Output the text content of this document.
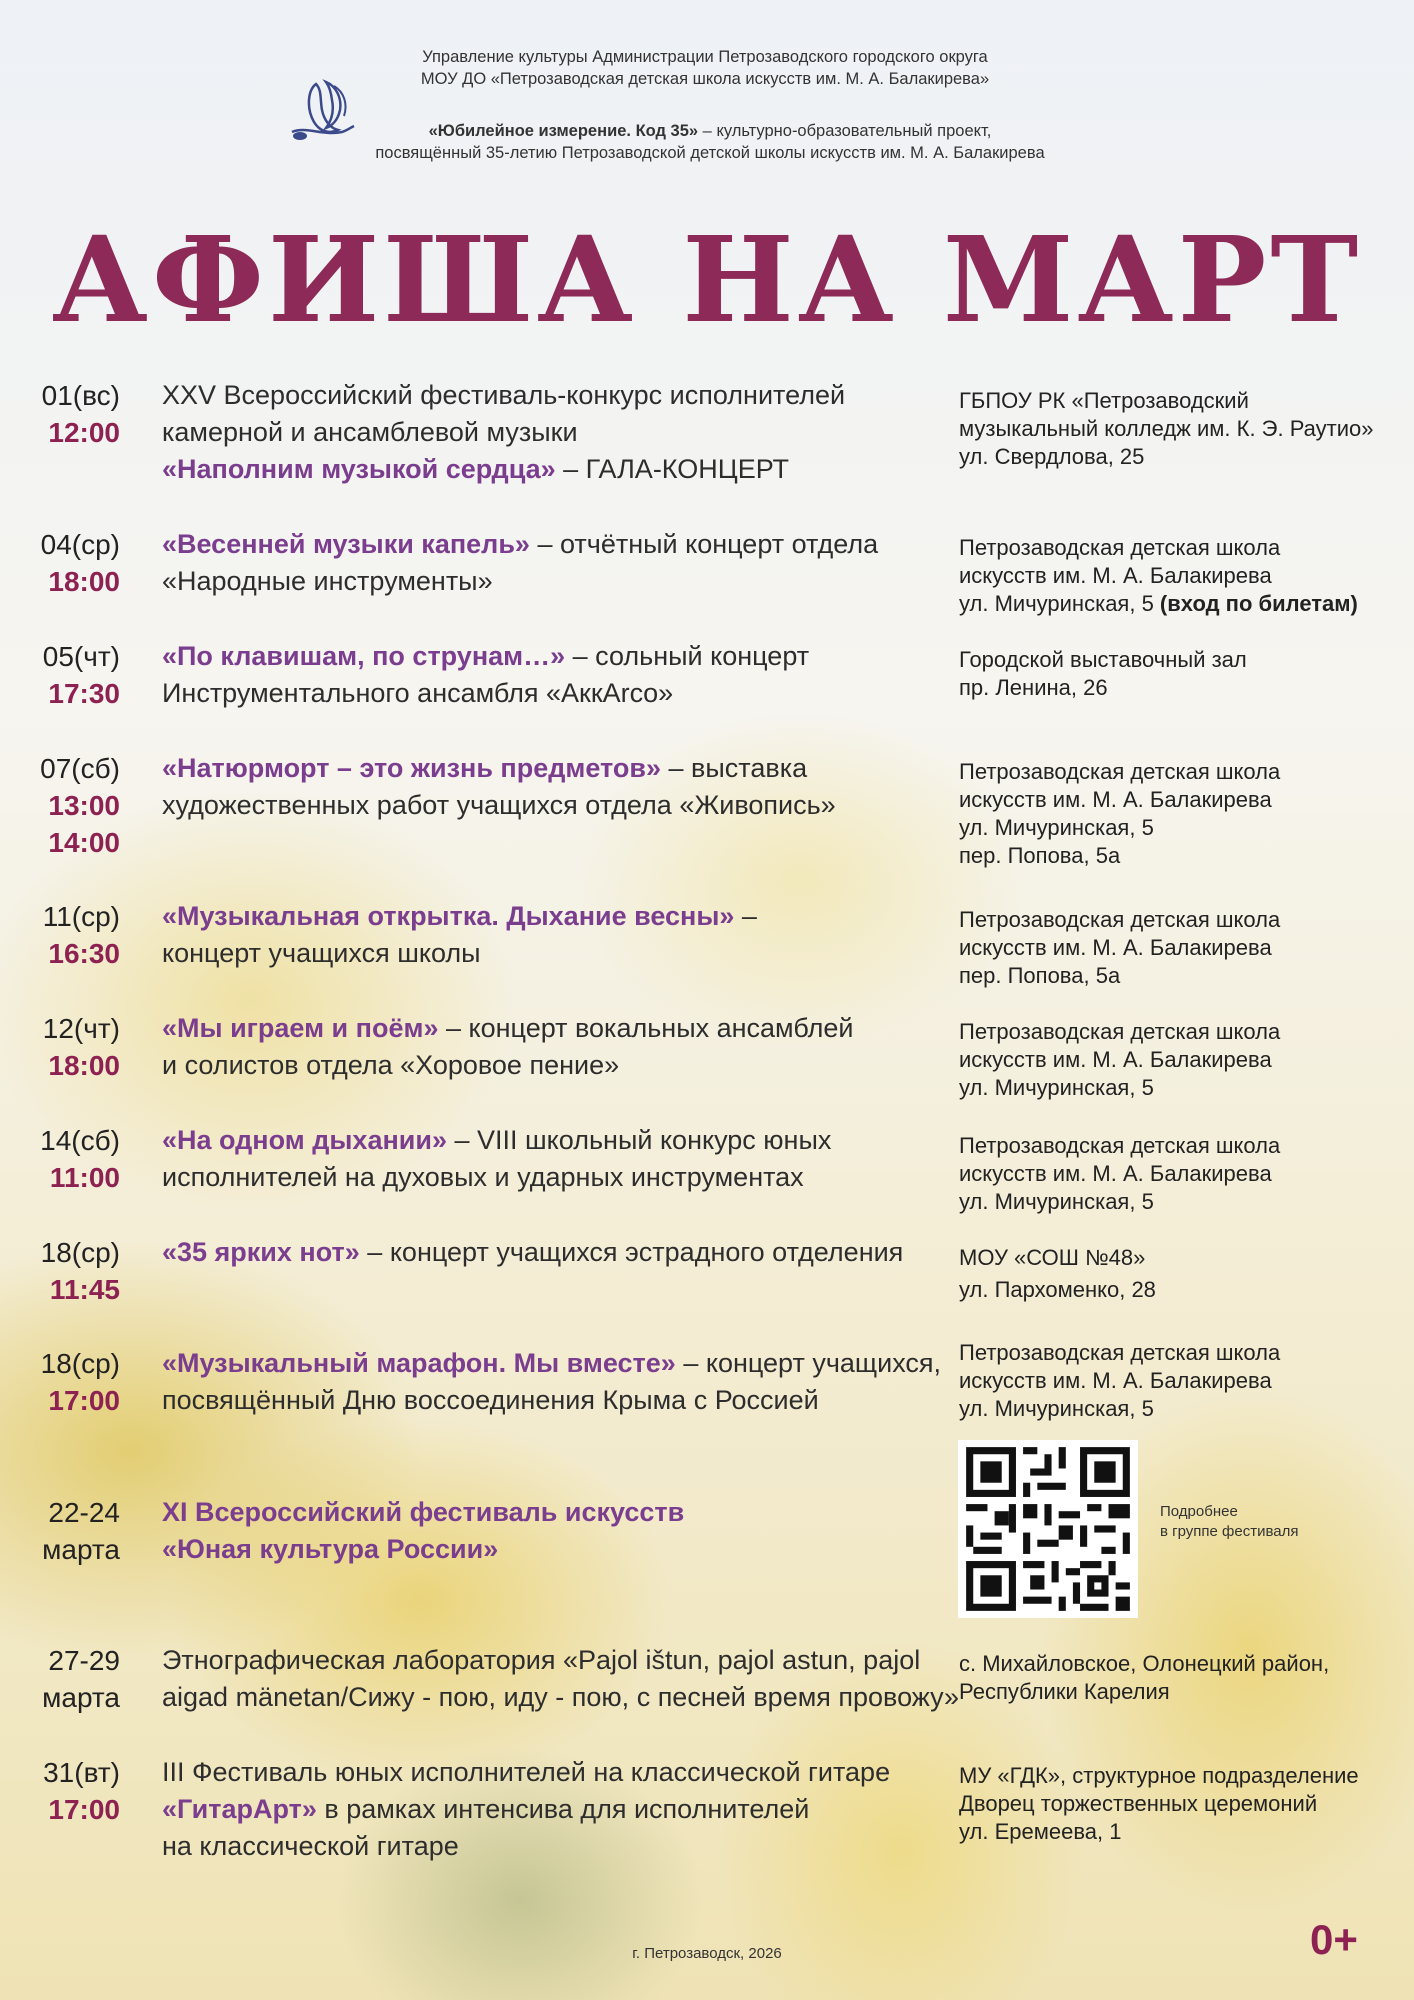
Управление культуры Администрации Петрозаводского городского округа
МОУ ДО «Петрозаводская детская школа искусств им. М. А. Балакирева»
«Юбилейное измерение. Код 35» – культурно-образовательный проект,
посвящённый 35-летию Петрозаводской детской школы искусств им. М. А. Балакирева
АФИША НА МАРТ
01(вс)
12:00
XXV Всероссийский фестиваль-конкурс исполнителей
камерной и ансамблевой музыки
«Наполним музыкой сердца» – ГАЛА-КОНЦЕРТ
ГБПОУ РК «Петрозаводский
музыкальный колледж им. К. Э. Раутио»
ул. Свердлова, 25
04(ср)
18:00
«Весенней музыки капель» – отчётный концерт отдела
«Народные инструменты»
Петрозаводская детская школа
искусств им. М. А. Балакирева
ул. Мичуринская, 5 (вход по билетам)
05(чт)
17:30
«По клавишам, по струнам…» – сольный концерт
Инструментального ансамбля «АккАrco»
Городской выставочный зал
пр. Ленина, 26
07(сб)
13:00
14:00
«Натюрморт – это жизнь предметов» – выставка
художественных работ учащихся отдела «Живопись»
Петрозаводская детская школа
искусств им. М. А. Балакирева
ул. Мичуринская, 5
пер. Попова, 5а
11(ср)
16:30
«Музыкальная открытка. Дыхание весны» –
концерт учащихся школы
Петрозаводская детская школа
искусств им. М. А. Балакирева
пер. Попова, 5а
12(чт)
18:00
«Мы играем и поём» – концерт вокальных ансамблей
и солистов отдела «Хоровое пение»
Петрозаводская детская школа
искусств им. М. А. Балакирева
ул. Мичуринская, 5
14(сб)
11:00
«На одном дыхании» – VIII школьный конкурс юных
исполнителей на духовых и ударных инструментах
Петрозаводская детская школа
искусств им. М. А. Балакирева
ул. Мичуринская, 5
18(ср)
11:45
«35 ярких нот» – концерт учащихся эстрадного отделения	МОУ «СОШ №48»
ул. Пархоменко, 28
18(ср)
17:00
«Музыкальный марафон. Мы вместе» – концерт учащихся,
посвящённый Дню воссоединения Крыма с Россией
Петрозаводская детская школа
искусств им. М. А. Балакирева
ул. Мичуринская, 5
22-24
марта
XI Всероссийский фестиваль искусств
«Юная культура России»
Подробнее
в группе фестиваля
27-29
марта
Этнографическая лаборатория «Pajol ištun, pajol astun, pajol
aigad mänetan/Сижу - пою, иду - пою, с песней время провожу»
с. Михайловское, Олонецкий район,
Республики Карелия
31(вт)
17:00
III Фестиваль юных исполнителей на классической гитаре
«ГитарАрт» в рамках интенсива для исполнителей
на классической гитаре
МУ «ГДК», структурное подразделение
Дворец торжественных церемоний
ул. Еремеева, 1
г. Петрозаводск, 2026	0+
